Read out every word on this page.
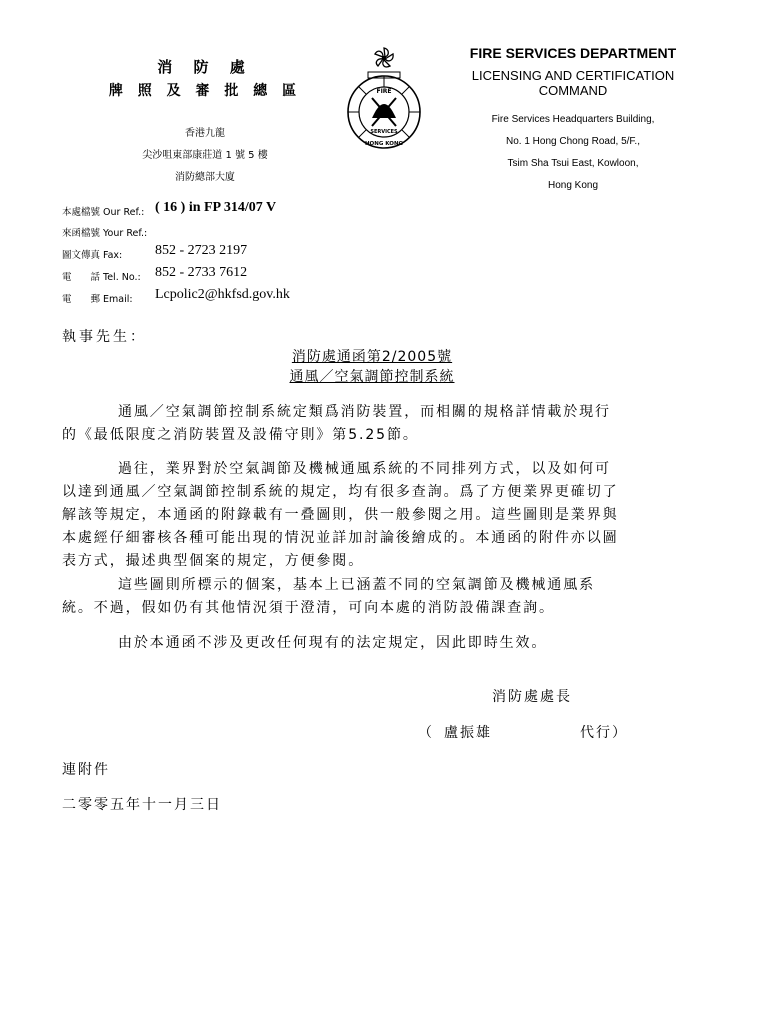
消 防 處
牌 照 及 審 批 總 區
香港九龍
尖沙咀東部康莊道 1 號 5 樓
消防總部大廈
FIRE
SERVICES
HONG KONG
FIRE SERVICES DEPARTMENT
LICENSING AND CERTIFICATION COMMAND
Fire Services Headquarters Building,
No. 1 Hong Chong Road, 5/F.,
Tsim Sha Tsui East, Kowloon,
Hong Kong
本處檔號 Our Ref.: ( 16 ) in FP 314/07 V
來函檔號 Your Ref.:
圖文傳真 Fax: 852 - 2723 2197
電　　話 Tel. No.: 852 - 2733 7612
電　　郵 Email: Lcpolic2@hkfsd.gov.hk
執事先生：
消防處通函第2/2005號
通風／空氣調節控制系統
通風／空氣調節控制系統定類爲消防裝置，而相關的規格詳情載於現行
的《最低限度之消防裝置及設備守則》第5.25節。
過往，業界對於空氣調節及機械通風系統的不同排列方式，以及如何可
以達到通風／空氣調節控制系統的規定，均有很多查詢。爲了方便業界更確切了
解該等規定，本通函的附錄載有一叠圖則，供一般參閱之用。這些圖則是業界與
本處經仔細審核各種可能出現的情況並詳加討論後繪成的。本通函的附件亦以圖
表方式，撮述典型個案的規定，方便參閱。
這些圖則所標示的個案，基本上已涵蓋不同的空氣調節及機械通風系
統。不過，假如仍有其他情況須于澄清，可向本處的消防設備課查詢。
由於本通函不涉及更改任何現有的法定規定，因此即時生效。
消防處處長
（ 盧振雄	代行）
連附件
二零零五年十一月三日
